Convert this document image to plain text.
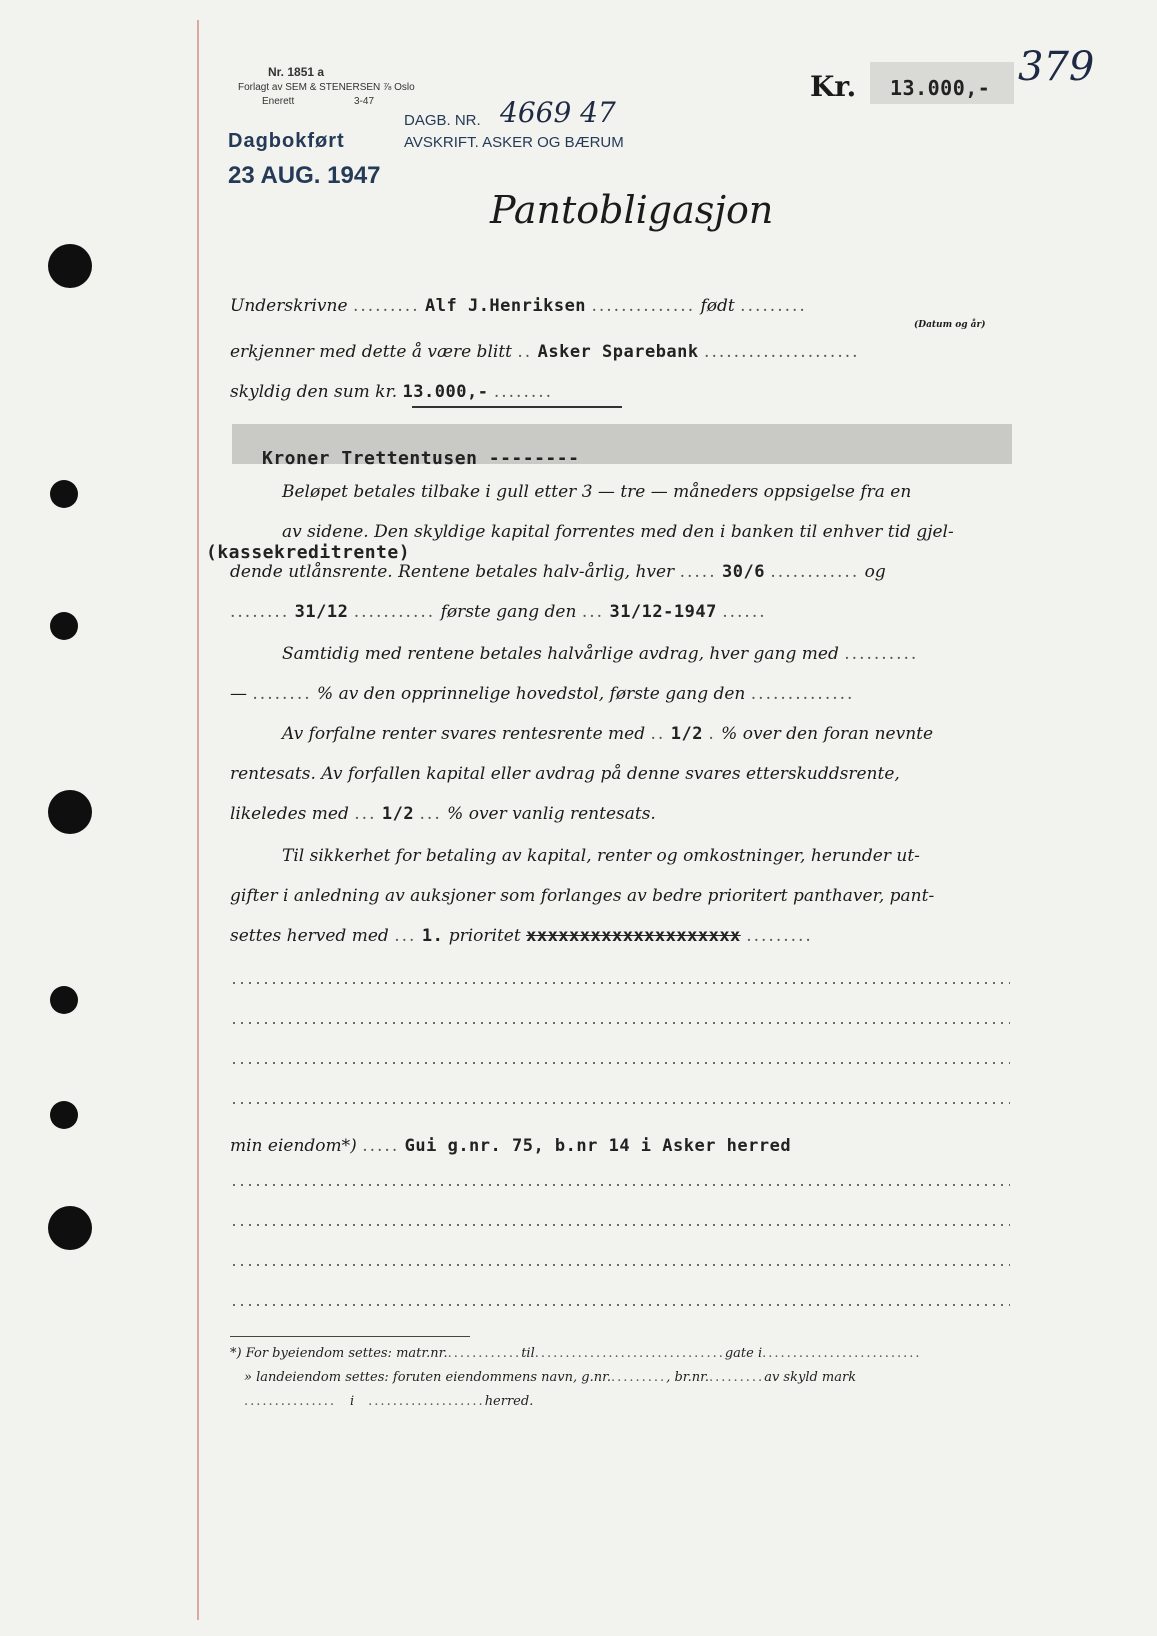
Nr. 1851 a
Forlagt av SEM & STENERSEN ⅞ Oslo
Enerett	3-47
Dagbokført
23 AUG. 1947
DAGB. NR. 4669 47
AVSKRIFT. ASKER OG BÆRUM
Kr. 13.000,- 379
Pantobligasjon
Underskrivne ......... Alf J.Henriksen .............. født .........
(Datum og år)
erkjenner med dette å være blitt .. Asker Sparebank .....................
skyldig den sum kr. 13.000,- ........
Kroner Trettentusen --------
Beløpet betales tilbake i gull etter 3 — tre — måneders oppsigelse fra en
av sidene. Den skyldige kapital forrentes med den i banken til enhver tid gjel-
(kassekreditrente)
dende utlånsrente. Rentene betales halv-årlig, hver ..... 30/6 ............ og
........ 31/12 ........... første gang den ... 31/12-1947 ......
Samtidig med rentene betales halvårlige avdrag, hver gang med ..........
— ........ % av den opprinnelige hovedstol, første gang den ..............
Av forfalne renter svares rentesrente med .. 1/2 . % over den foran nevnte
rentesats. Av forfallen kapital eller avdrag på denne svares etterskuddsrente,
likeledes med ... 1/2 ... % over vanlig rentesats.
Til sikkerhet for betaling av kapital, renter og omkostninger, herunder ut-
gifter i anledning av auksjoner som forlanges av bedre prioritert panthaver, pant-
settes herved med ... 1. prioritet xxxxxxxxxxxxxxxxxxxx .........
min eiendom*) ..... Gui g.nr. 75, b.nr 14 i Asker herred
*) For byeiendom settes: matr.nr.............til...............................gate i..........................
» landeiendom settes: foruten eiendommens navn, g.nr.........., br.nr..........av skyld mark
............... i ...................herred.
